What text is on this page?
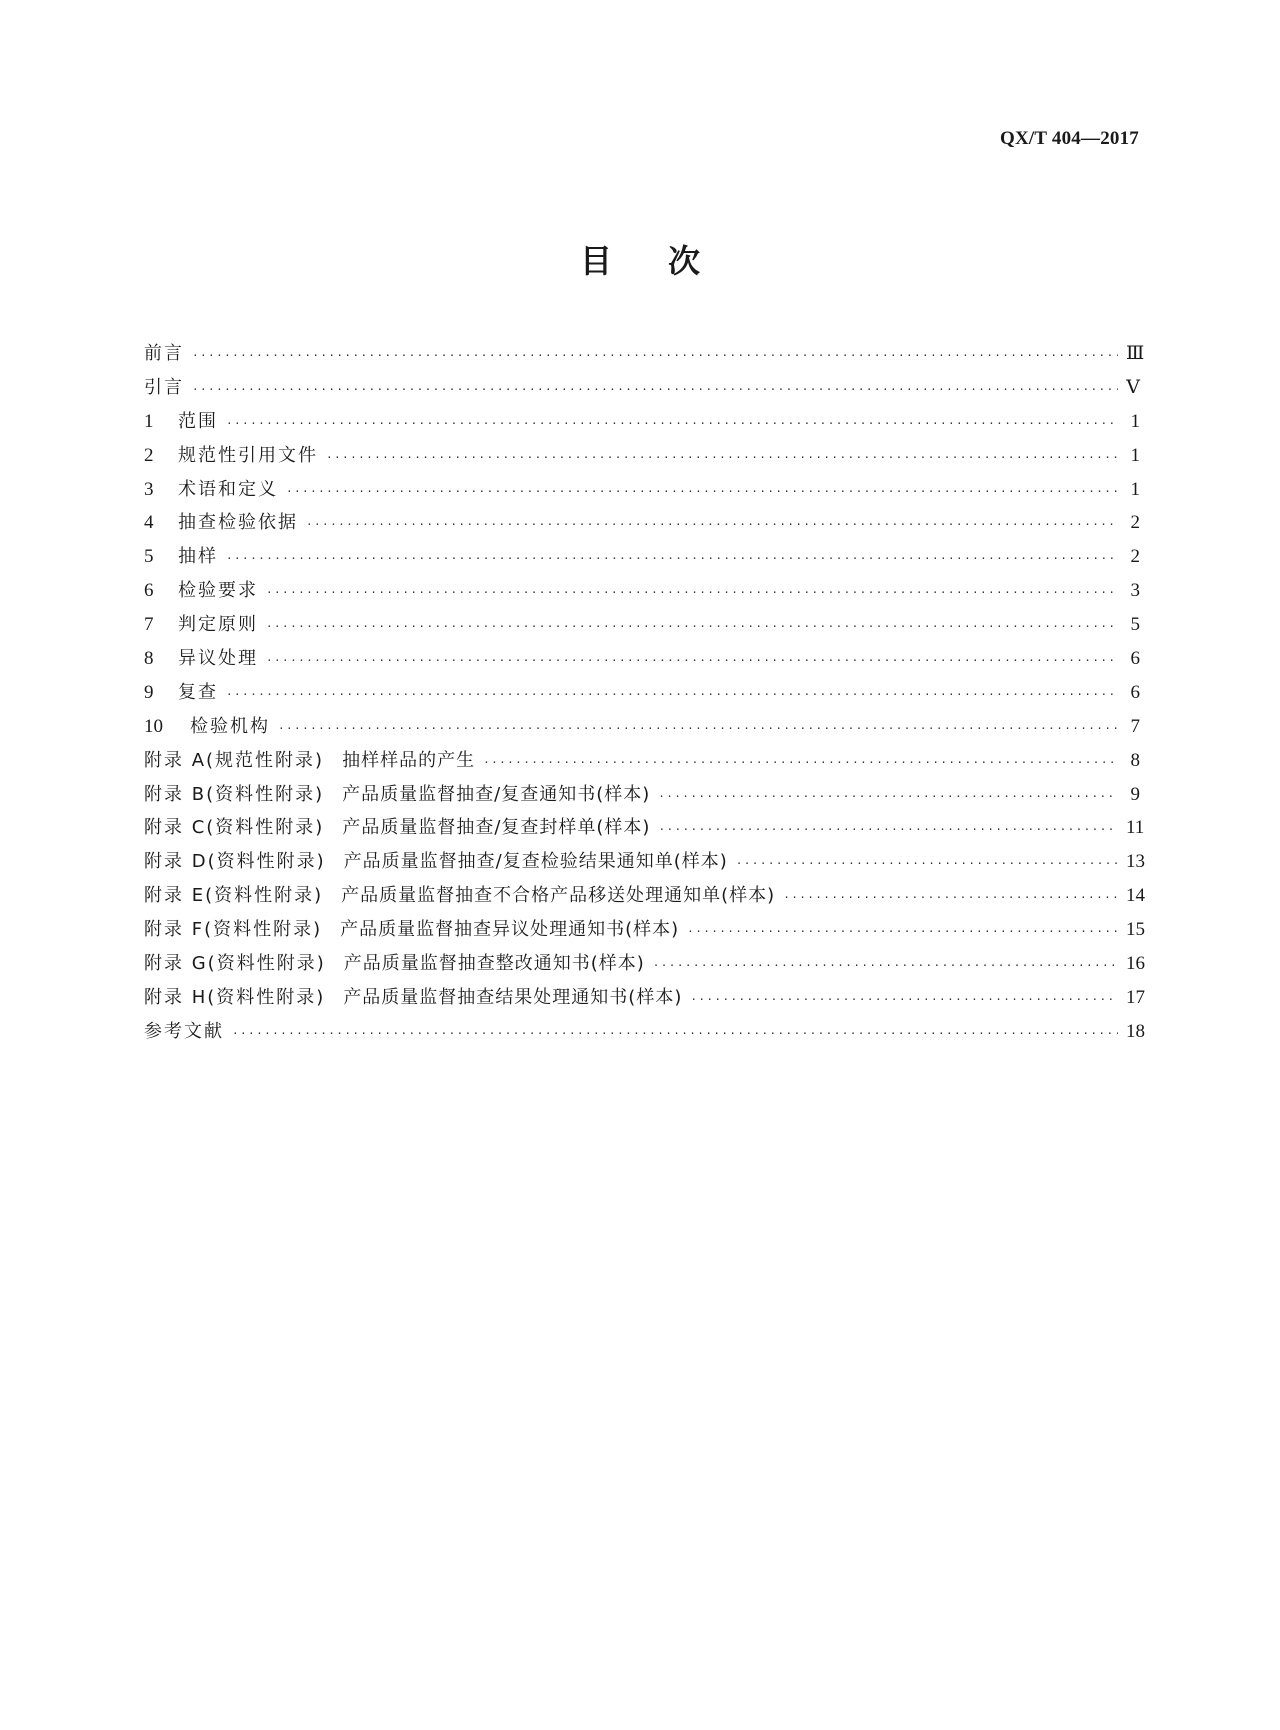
QX/T 404—2017
目次
前言 ·····	Ⅲ
引言 ·····	Ⅴ
1	范围 ·····	1
2	规范性引用文件 ·····	1
3	术语和定义 ·····	1
4	抽查检验依据 ·····	2
5	抽样 ·····	2
6	检验要求 ·····	3
7	判定原则 ·····	5
8	异议处理 ·····	6
9	复查 ·····	6
10	检验机构 ·····	7
附录 A(规范性附录) 抽样样品的产生 ·····	8
附录 B(资料性附录) 产品质量监督抽查/复查通知书(样本) ·····	9
附录 C(资料性附录) 产品质量监督抽查/复查封样单(样本) ·····	11
附录 D(资料性附录) 产品质量监督抽查/复查检验结果通知单(样本) ·····	13
附录 E(资料性附录) 产品质量监督抽查不合格产品移送处理通知单(样本) ·····	14
附录 F(资料性附录) 产品质量监督抽查异议处理通知书(样本) ·····	15
附录 G(资料性附录) 产品质量监督抽查整改通知书(样本) ·····	16
附录 H(资料性附录) 产品质量监督抽查结果处理通知书(样本) ·····	17
参考文献 ·····	18
